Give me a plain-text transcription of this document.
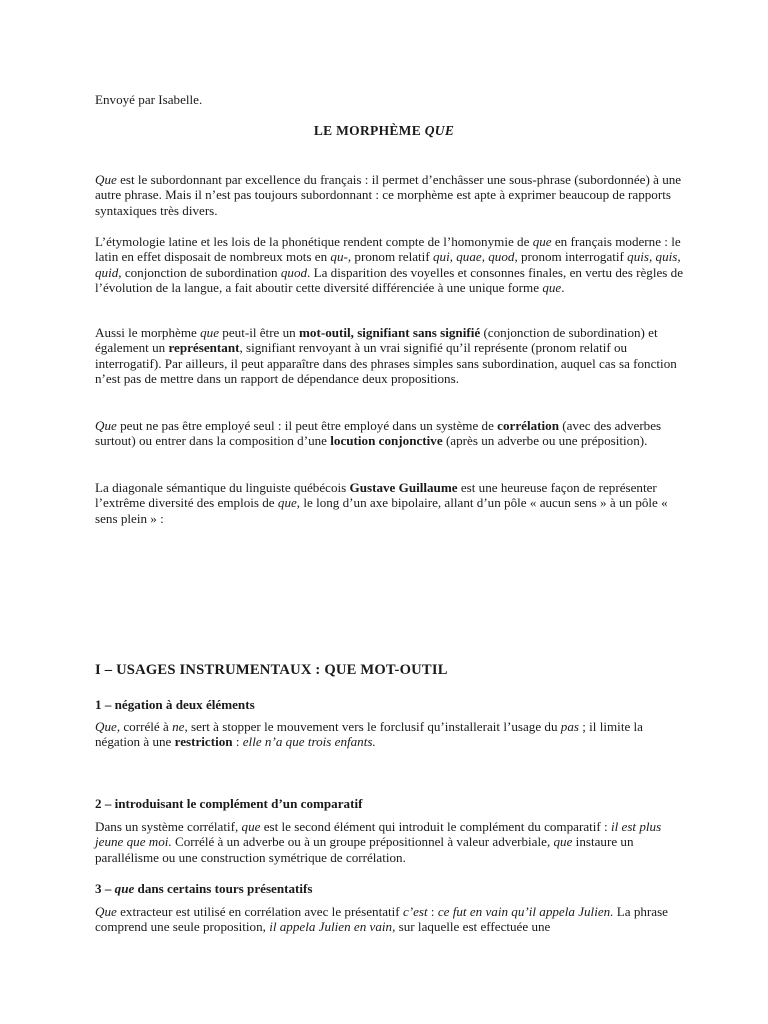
Envoyé par Isabelle.

LE MORPHÈME QUE

Que est le subordonnant par excellence du français : il permet d’enchâsser une sous-phrase (subordonnée) à une autre phrase. Mais il n’est pas toujours subordonnant : ce morphème est apte à exprimer beaucoup de rapports syntaxiques très divers.

L’étymologie latine et les lois de la phonétique rendent compte de l’homonymie de que en français moderne : le latin en effet disposait de nombreux mots en qu-, pronom relatif qui, quae, quod, pronom interrogatif quis, quis, quid, conjonction de subordination quod. La disparition des voyelles et consonnes finales, en vertu des règles de l’évolution de la langue, a fait aboutir cette diversité différenciée à une unique forme que.

Aussi le morphème que peut-il être un mot-outil, signifiant sans signifié (conjonction de subordination) et également un représentant, signifiant renvoyant à un vrai signifié qu’il représente (pronom relatif ou interrogatif). Par ailleurs, il peut apparaître dans des phrases simples sans subordination, auquel cas sa fonction n’est pas de mettre dans un rapport de dépendance deux propositions.

Que peut ne pas être employé seul : il peut être employé dans un système de corrélation (avec des adverbes surtout) ou entrer dans la composition d’une locution conjonctive (après un adverbe ou une préposition).

La diagonale sémantique du linguiste québécois Gustave Guillaume est une heureuse façon de représenter l’extrême diversité des emplois de que, le long d’un axe bipolaire, allant d’un pôle « aucun sens » à un pôle « sens plein » :

I – USAGES INSTRUMENTAUX : QUE MOT-OUTIL

1 – négation à deux éléments

Que, corrélé à ne, sert à stopper le mouvement vers le forclusif qu’installerait l’usage du pas ; il limite la négation à une restriction : elle n’a que trois enfants.

2 – introduisant le complément d’un comparatif

Dans un système corrélatif, que est le second élément qui introduit le complément du comparatif : il est plus jeune que moi. Corrélé à un adverbe ou à un groupe prépositionnel à valeur adverbiale, que instaure un parallélisme ou une construction symétrique de corrélation.

3 – que dans certains tours présentatifs

Que extracteur est utilisé en corrélation avec le présentatif c’est : ce fut en vain qu’il appela Julien. La phrase comprend une seule proposition, il appela Julien en vain, sur laquelle est effectuée une
